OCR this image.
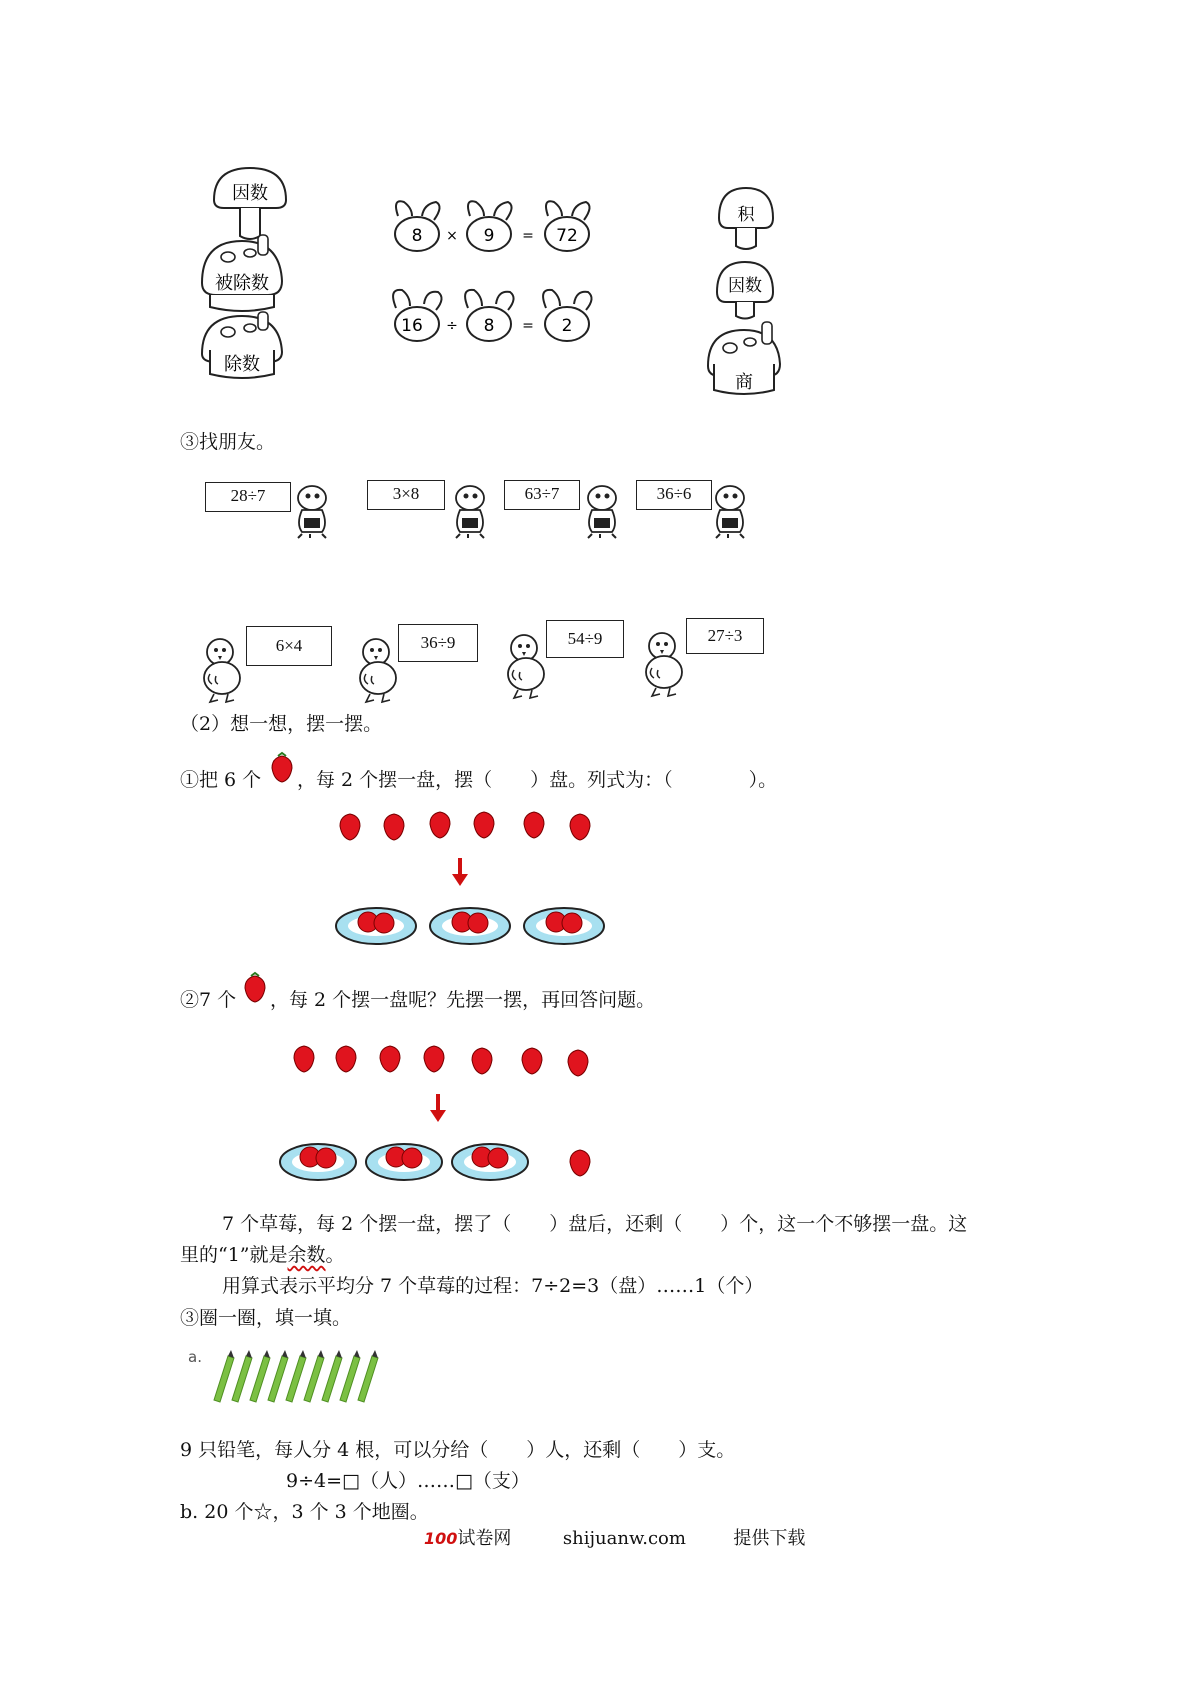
因数
被除数
除数
8 × 9 = 72
16 ÷ 8 = 2
积
因数
商
③找朋友。
28÷7	3×8	63÷7	36÷6
6×4	36÷9	54÷9	27÷3
（2）想一想，摆一摆。
①把 6 个 ，每 2 个摆一盘，摆（　　）盘。列式为：（　　　　）。
②7 个 ，每 2 个摆一盘呢？先摆一摆，再回答问题。
7 个草莓，每 2 个摆一盘，摆了（　　）盘后，还剩（　　）个，这一个不够摆一盘。这
里的“1”就是余数。
用算式表示平均分 7 个草莓的过程：7÷2=3（盘）……1（个）
③圈一圈，填一填。
a.
9 只铅笔，每人分 4 根，可以分给（　　）人，还剩（　　）支。
9÷4=□（人）……□（支）
b. 20 个☆，3 个 3 个地圈。
100试卷网	shijuanw.com	提供下载
